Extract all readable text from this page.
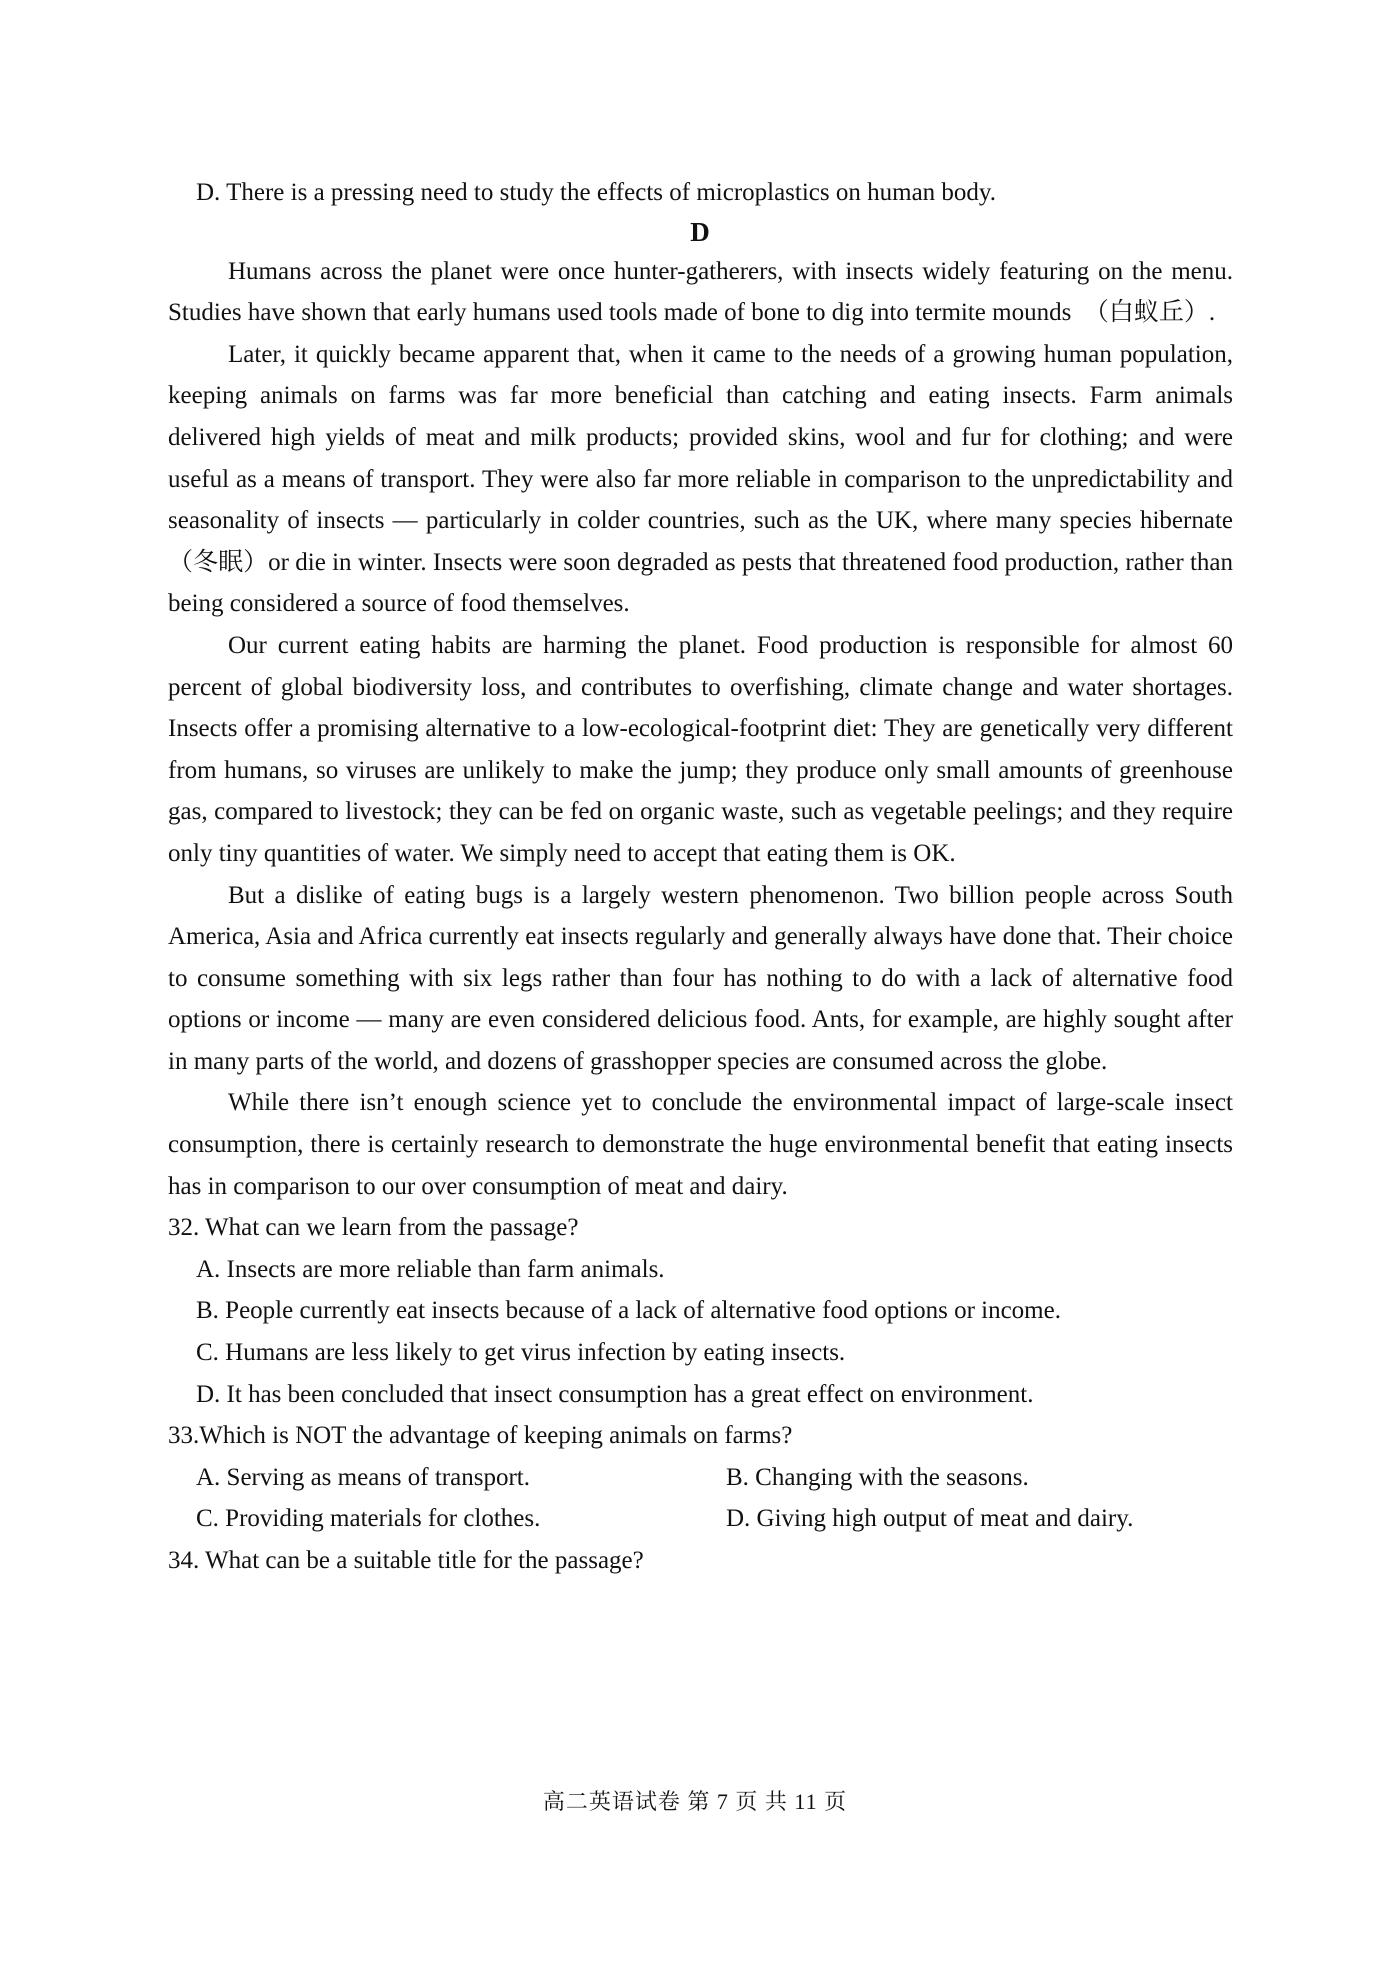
D. There is a pressing need to study the effects of microplastics on human body.

D

Humans across the planet were once hunter-gatherers, with insects widely featuring on the menu. Studies have shown that early humans used tools made of bone to dig into termite mounds  （白蚁丘）.

Later, it quickly became apparent that, when it came to the needs of a growing human population, keeping animals on farms was far more beneficial than catching and eating insects. Farm animals delivered high yields of meat and milk products; provided skins, wool and fur for clothing; and were useful as a means of transport. They were also far more reliable in comparison to the unpredictability and seasonality of insects — particularly in colder countries, such as the UK, where many species hibernate（冬眠）or die in winter. Insects were soon degraded as pests that threatened food production, rather than being considered a source of food themselves.

Our current eating habits are harming the planet. Food production is responsible for almost 60 percent of global biodiversity loss, and contributes to overfishing, climate change and water shortages. Insects offer a promising alternative to a low-ecological-footprint diet: They are genetically very different from humans, so viruses are unlikely to make the jump; they produce only small amounts of greenhouse gas, compared to livestock; they can be fed on organic waste, such as vegetable peelings; and they require only tiny quantities of water. We simply need to accept that eating them is OK.

But a dislike of eating bugs is a largely western phenomenon. Two billion people across South America, Asia and Africa currently eat insects regularly and generally always have done that. Their choice to consume something with six legs rather than four has nothing to do with a lack of alternative food options or income — many are even considered delicious food. Ants, for example, are highly sought after in many parts of the world, and dozens of grasshopper species are consumed across the globe.

While there isn’t enough science yet to conclude the environmental impact of large-scale insect consumption, there is certainly research to demonstrate the huge environmental benefit that eating insects has in comparison to our over consumption of meat and dairy.

32. What can we learn from the passage?

A. Insects are more reliable than farm animals.

B. People currently eat insects because of a lack of alternative food options or income.

C. Humans are less likely to get virus infection by eating insects.

D. It has been concluded that insect consumption has a great effect on environment.

33.Which is NOT the advantage of keeping animals on farms?

A. Serving as means of transport.	B. Changing with the seasons.
C. Providing materials for clothes.	D. Giving high output of meat and dairy.

34. What can be a suitable title for the passage?

高二英语试卷 第 7 页 共 11 页
